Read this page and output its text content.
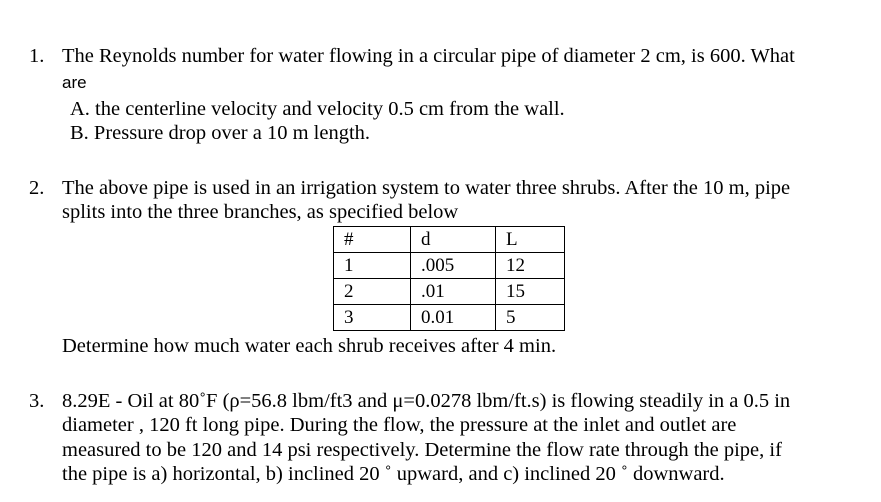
1. The Reynolds number for water flowing in a circular pipe of diameter 2 cm, is 600. What
are
A. the centerline velocity and velocity 0.5 cm from the wall.
B. Pressure drop over a 10 m length.
2. The above pipe is used in an irrigation system to water three shrubs. After the 10 m, pipe
splits into the three branches, as specified below
#	d	L
1	.005	12
2	.01	15
3	0.01	5
Determine how much water each shrub receives after 4 min.
3. 8.29E - Oil at 80˚F (ρ=56.8 lbm/ft3 and μ=0.0278 lbm/ft.s) is flowing steadily in a 0.5 in
diameter , 120 ft long pipe. During the flow, the pressure at the inlet and outlet are
measured to be 120 and 14 psi respectively. Determine the flow rate through the pipe, if
the pipe is a) horizontal, b) inclined 20 ˚ upward, and c) inclined 20 ˚ downward.
